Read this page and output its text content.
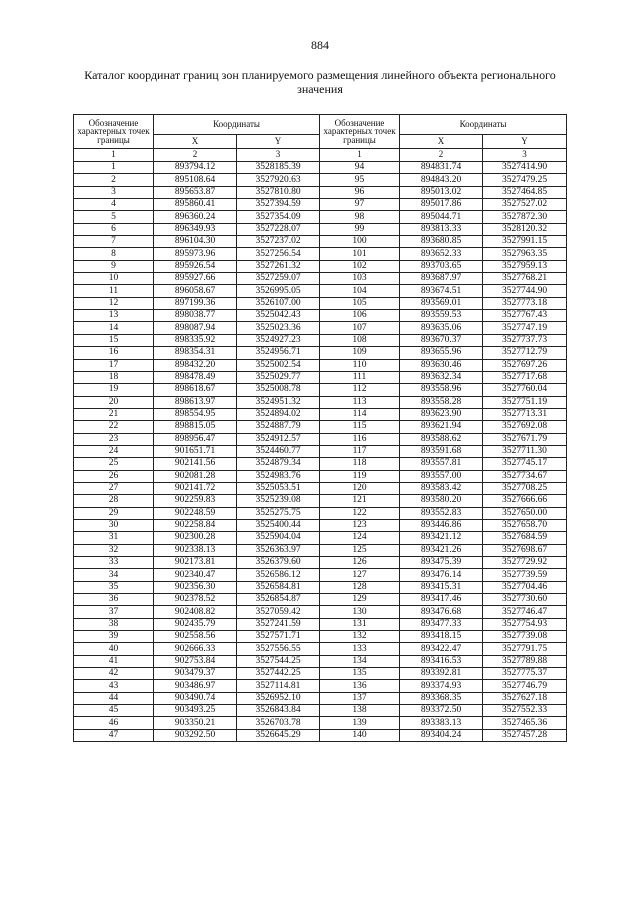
884
Каталог координат границ зон планируемого размещения линейного объекта регионального значения
Обозначение характерных точек границы	Координаты		Обозначение характерных точек границы	Координаты	
	X	Y		X	Y
1	2	3	1	2	3
1	893794.12	3528185.39	94	894831.74	3527414.90
2	895108.64	3527920.63	95	894843.20	3527479.25
3	895653.87	3527810.80	96	895013.02	3527464.85
4	895860.41	3527394.59	97	895017.86	3527527.02
5	896360.24	3527354.09	98	895044.71	3527872.30
6	896349.93	3527228.07	99	893813.33	3528120.32
7	896104.30	3527237.02	100	893680.85	3527991.15
8	895973.96	3527256.54	101	893652.33	3527963.35
9	895926.54	3527261.32	102	893703.65	3527959.13
10	895927.66	3527259.07	103	893687.97	3527768.21
11	896058.67	3526995.05	104	893674.51	3527744.90
12	897199.36	3526107.00	105	893569.01	3527773.18
13	898038.77	3525042.43	106	893559.53	3527767.43
14	898087.94	3525023.36	107	893635.06	3527747.19
15	898335.92	3524927.23	108	893670.37	3527737.73
16	898354.31	3524956.71	109	893655.96	3527712.79
17	898432.20	3525002.54	110	893630.46	3527697.26
18	898478.49	3525029.77	111	893632.34	3527717.68
19	898618.67	3525008.78	112	893558.96	3527760.04
20	898613.97	3524951.32	113	893558.28	3527751.19
21	898554.95	3524894.02	114	893623.90	3527713.31
22	898815.05	3524887.79	115	893621.94	3527692.08
23	898956.47	3524912.57	116	893588.62	3527671.79
24	901651.71	3524460.77	117	893591.68	3527711.30
25	902141.56	3524879.34	118	893557.81	3527745.17
26	902081.28	3524983.76	119	893557.00	3527734.67
27	902141.72	3525053.51	120	893583.42	3527708.25
28	902259.83	3525239.08	121	893580.20	3527666.66
29	902248.59	3525275.75	122	893552.83	3527650.00
30	902258.84	3525400.44	123	893446.86	3527658.70
31	902300.28	3525904.04	124	893421.12	3527684.59
32	902338.13	3526363.97	125	893421.26	3527698.67
33	902173.81	3526379.60	126	893475.39	3527729.92
34	902340.47	3526586.12	127	893476.14	3527739.59
35	902356.30	3526584.81	128	893415.31	3527704.46
36	902378.52	3526854.87	129	893417.46	3527730.60
37	902408.82	3527059.42	130	893476.68	3527746.47
38	902435.79	3527241.59	131	893477.33	3527754.93
39	902558.56	3527571.71	132	893418.15	3527739.08
40	902666.33	3527556.55	133	893422.47	3527791.75
41	902753.84	3527544.25	134	893416.53	3527789.88
42	903479.37	3527442.25	135	893392.81	3527775.37
43	903486.97	3527114.81	136	893374.93	3527746.79
44	903490.74	3526952.10	137	893368.35	3527627.18
45	903493.25	3526843.84	138	893372.50	3527552.33
46	903350.21	3526703.78	139	893383.13	3527465.36
47	903292.50	3526645.29	140	893404.24	3527457.28
